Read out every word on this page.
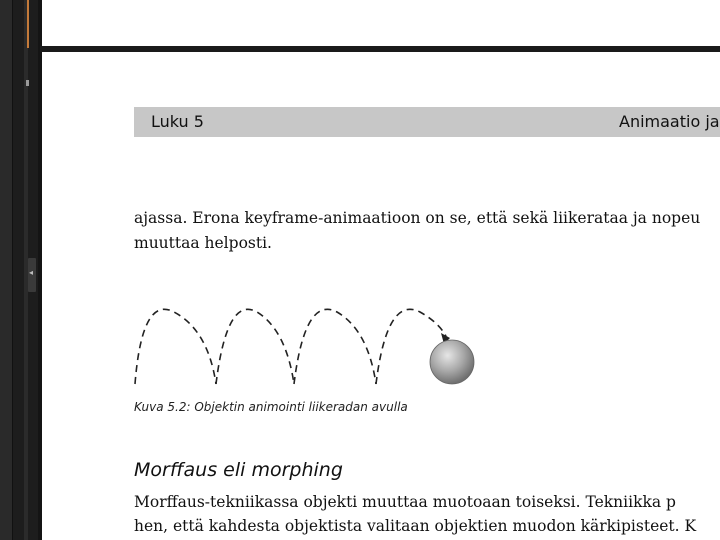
◂
Luku 5	Animaatio ja
ajassa. Erona keyframe-animaatioon on se, että sekä liikerataa ja nopeu
muuttaa helposti.
Kuva 5.2: Objektin animointi liikeradan avulla
Morffaus eli morphing
Morffaus-tekniikassa objekti muuttaa muotoaan toiseksi. Tekniikka p
hen, että kahdesta objektista valitaan objektien muodon kärkipisteet. K
